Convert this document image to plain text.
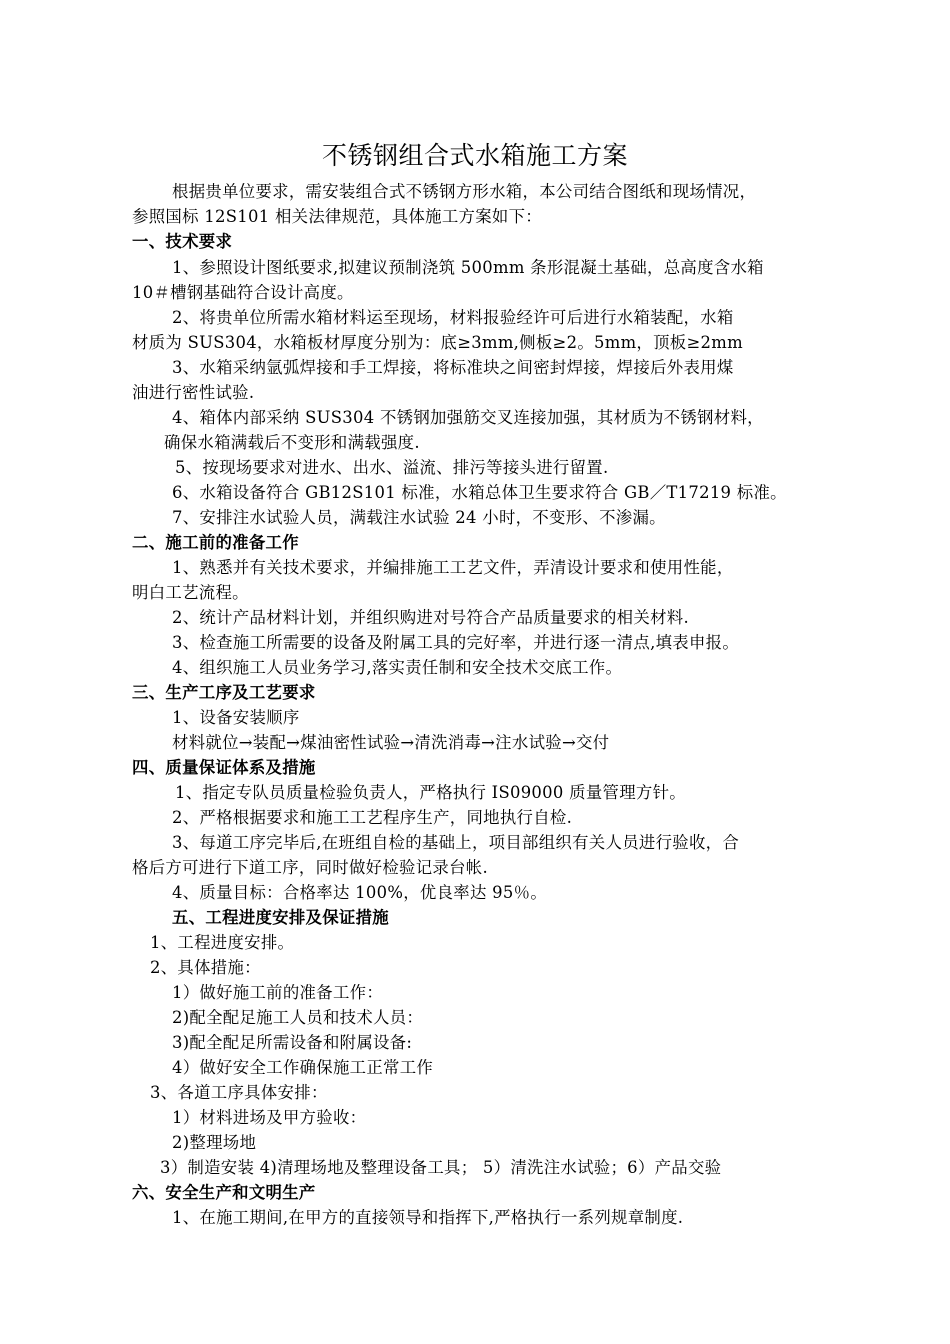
不锈钢组合式水箱施工方案
根据贵单位要求，需安装组合式不锈钢方形水箱，本公司结合图纸和现场情况，
参照国标 12S101 相关法律规范，具体施工方案如下：
一、技术要求
1、参照设计图纸要求,拟建议预制浇筑 500mm 条形混凝土基础，总高度含水箱
10＃槽钢基础符合设计高度。
2、将贵单位所需水箱材料运至现场，材料报验经许可后进行水箱装配，水箱
材质为 SUS304，水箱板材厚度分别为：底≥3mm,侧板≥2。5mm，顶板≥2mm
3、水箱采纳氩弧焊接和手工焊接，将标准块之间密封焊接，焊接后外表用煤
油进行密性试验.
4、箱体内部采纳 SUS304 不锈钢加强筋交叉连接加强，其材质为不锈钢材料，
确保水箱满载后不变形和满载强度.
5、按现场要求对进水、出水、溢流、排污等接头进行留置.
6、水箱设备符合 GB12S101 标准，水箱总体卫生要求符合 GB／T17219 标准。
7、安排注水试验人员，满载注水试验 24 小时，不变形、不渗漏。
二、施工前的准备工作
1、熟悉并有关技术要求，并编排施工工艺文件，弄清设计要求和使用性能，
明白工艺流程。
2、统计产品材料计划，并组织购进对号符合产品质量要求的相关材料.
3、检查施工所需要的设备及附属工具的完好率，并进行逐一清点,填表申报。
4、组织施工人员业务学习,落实责任制和安全技术交底工作。
三、生产工序及工艺要求
1、设备安装顺序
材料就位→装配→煤油密性试验→清洗消毒→注水试验→交付
四、质量保证体系及措施
1、指定专队员质量检验负责人，严格执行 IS09000 质量管理方针。
2、严格根据要求和施工工艺程序生产，同地执行自检.
3、每道工序完毕后,在班组自检的基础上，项目部组织有关人员进行验收，合
格后方可进行下道工序，同时做好检验记录台帐.
4、质量目标：合格率达 100%，优良率达 95％。
五、工程进度安排及保证措施
1、工程进度安排。
2、具体措施：
1）做好施工前的准备工作：
2)配全配足施工人员和技术人员：
3)配全配足所需设备和附属设备:
4）做好安全工作确保施工正常工作
3、各道工序具体安排：
1）材料进场及甲方验收：
2)整理场地
3）制造安装 4)清理场地及整理设备工具； 5）清洗注水试验；6）产品交验
六、安全生产和文明生产
1、在施工期间,在甲方的直接领导和指挥下,严格执行一系列规章制度.
